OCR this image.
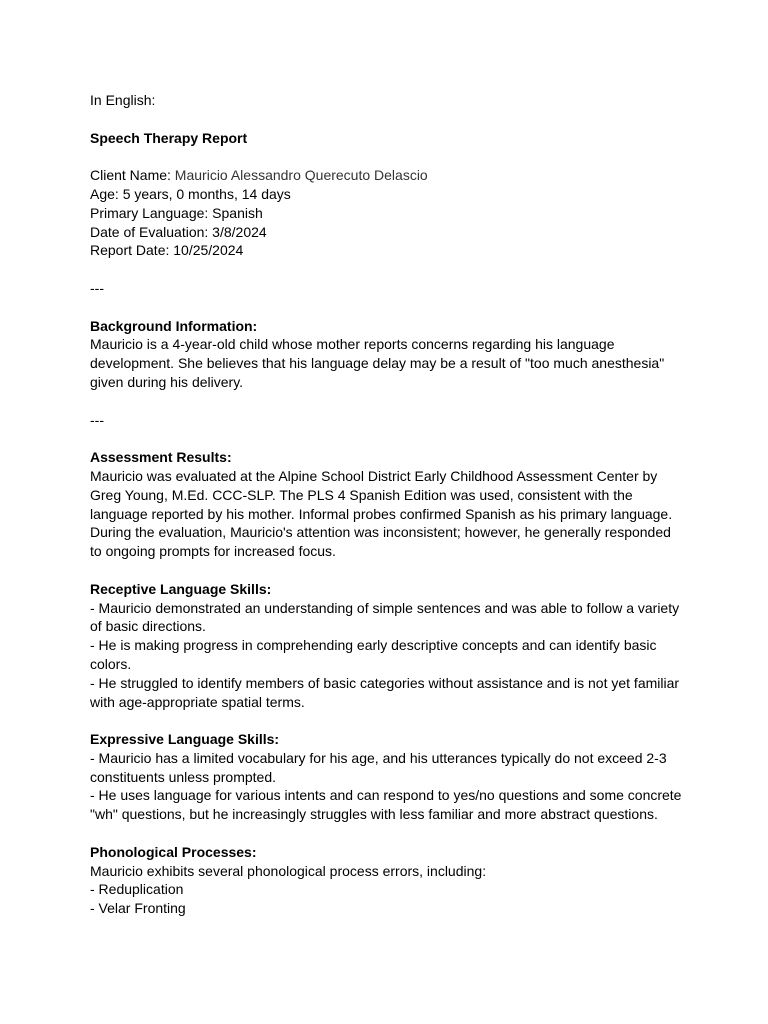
In English:

Speech Therapy Report

Client Name: Mauricio Alessandro Querecuto Delascio

Age: 5 years, 0 months, 14 days

Primary Language: Spanish

Date of Evaluation: 3/8/2024

Report Date: 10/25/2024

---

Background Information:

Mauricio is a 4-year-old child whose mother reports concerns regarding his language

development. She believes that his language delay may be a result of "too much anesthesia"

given during his delivery.

---

Assessment Results:

Mauricio was evaluated at the Alpine School District Early Childhood Assessment Center by

Greg Young, M.Ed. CCC-SLP. The PLS 4 Spanish Edition was used, consistent with the

language reported by his mother. Informal probes confirmed Spanish as his primary language.

During the evaluation, Mauricio's attention was inconsistent; however, he generally responded

to ongoing prompts for increased focus.

Receptive Language Skills:

- Mauricio demonstrated an understanding of simple sentences and was able to follow a variety

of basic directions.

- He is making progress in comprehending early descriptive concepts and can identify basic

colors.

- He struggled to identify members of basic categories without assistance and is not yet familiar

with age-appropriate spatial terms.

Expressive Language Skills:

- Mauricio has a limited vocabulary for his age, and his utterances typically do not exceed 2-3

constituents unless prompted.

- He uses language for various intents and can respond to yes/no questions and some concrete

"wh" questions, but he increasingly struggles with less familiar and more abstract questions.

Phonological Processes:

Mauricio exhibits several phonological process errors, including:

- Reduplication

- Velar Fronting
